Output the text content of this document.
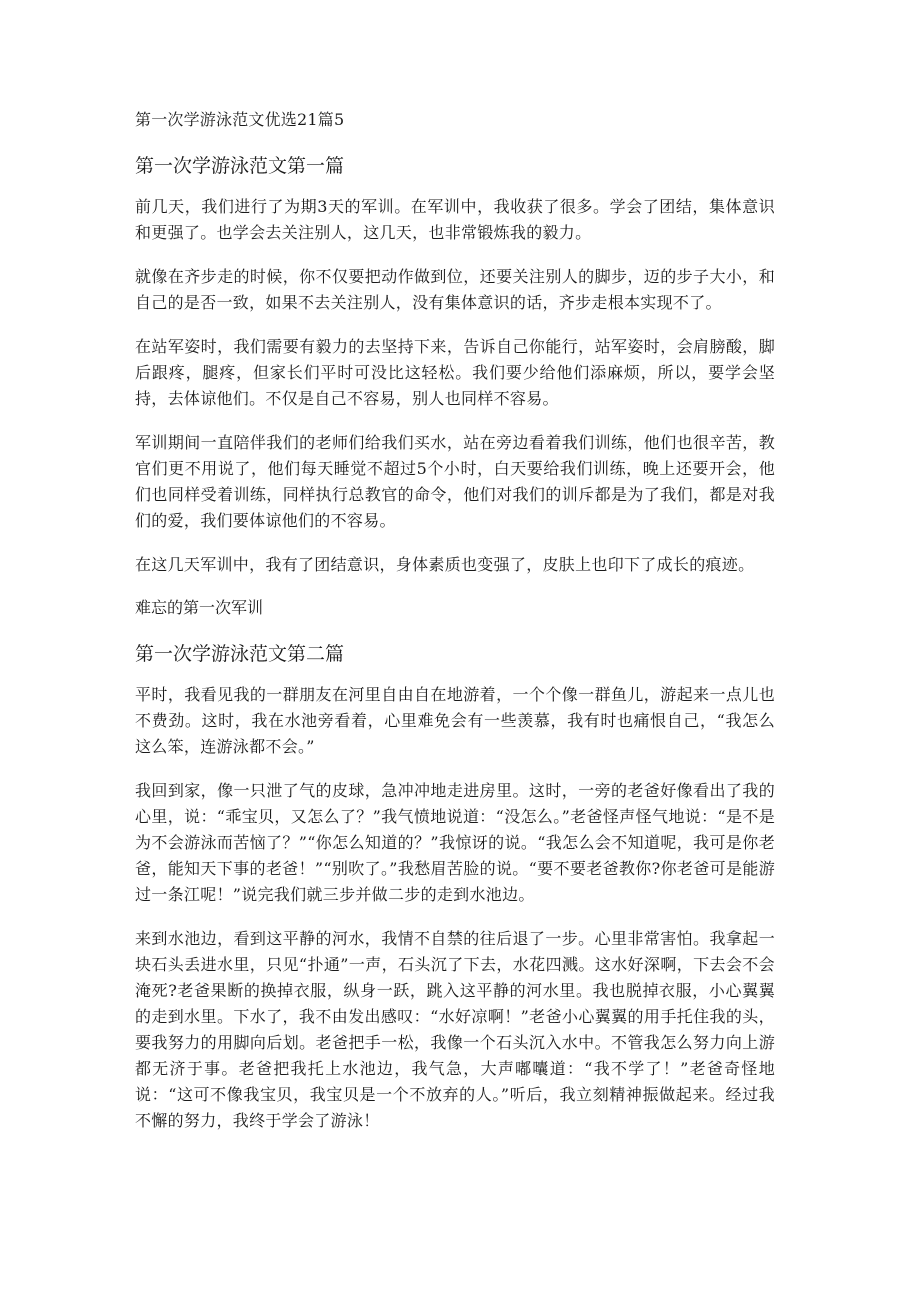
第一次学游泳范文优选21篇5
第一次学游泳范文第一篇

前几天，我们进行了为期3天的军训。在军训中，我收获了很多。学会了团结，集体意识和更强了。也学会去关注别人，这几天，也非常锻炼我的毅力。

就像在齐步走的时候，你不仅要把动作做到位，还要关注别人的脚步，迈的步子大小，和自己的是否一致，如果不去关注别人，没有集体意识的话，齐步走根本实现不了。

在站军姿时，我们需要有毅力的去坚持下来，告诉自己你能行，站军姿时，会肩膀酸，脚后跟疼，腿疼，但家长们平时可没比这轻松。我们要少给他们添麻烦，所以，要学会坚持，去体谅他们。不仅是自己不容易，别人也同样不容易。

军训期间一直陪伴我们的老师们给我们买水，站在旁边看着我们训练，他们也很辛苦，教官们更不用说了，他们每天睡觉不超过5个小时，白天要给我们训练，晚上还要开会，他们也同样受着训练，同样执行总教官的命令，他们对我们的训斥都是为了我们，都是对我们的爱，我们要体谅他们的不容易。

在这几天军训中，我有了团结意识，身体素质也变强了，皮肤上也印下了成长的痕迹。

难忘的第一次军训
第一次学游泳范文第二篇

平时，我看见我的一群朋友在河里自由自在地游着，一个个像一群鱼儿，游起来一点儿也不费劲。这时，我在水池旁看着，心里难免会有一些羡慕，我有时也痛恨自己，“我怎么这么笨，连游泳都不会。”

我回到家，像一只泄了气的皮球，急冲冲地走进房里。这时，一旁的老爸好像看出了我的心里，说：“乖宝贝，又怎么了？”我气愤地说道：“没怎么。”老爸怪声怪气地说：“是不是为不会游泳而苦恼了？”“你怎么知道的？”我惊讶的说。“我怎么会不知道呢，我可是你老爸，能知天下事的老爸！”“别吹了。”我愁眉苦脸的说。“要不要老爸教你?你老爸可是能游过一条江呢！”说完我们就三步并做二步的走到水池边。

来到水池边，看到这平静的河水，我情不自禁的往后退了一步。心里非常害怕。我拿起一块石头丢进水里，只见“扑通”一声，石头沉了下去，水花四溅。这水好深啊，下去会不会淹死?老爸果断的换掉衣服，纵身一跃，跳入这平静的河水里。我也脱掉衣服，小心翼翼的走到水里。下水了，我不由发出感叹：“水好凉啊！”老爸小心翼翼的用手托住我的头，要我努力的用脚向后划。老爸把手一松，我像一个石头沉入水中。不管我怎么努力向上游都无济于事。老爸把我托上水池边，我气急，大声嘟囔道：“我不学了！”老爸奇怪地说：“这可不像我宝贝，我宝贝是一个不放弃的人。”听后，我立刻精神振做起来。经过我不懈的努力，我终于学会了游泳！
